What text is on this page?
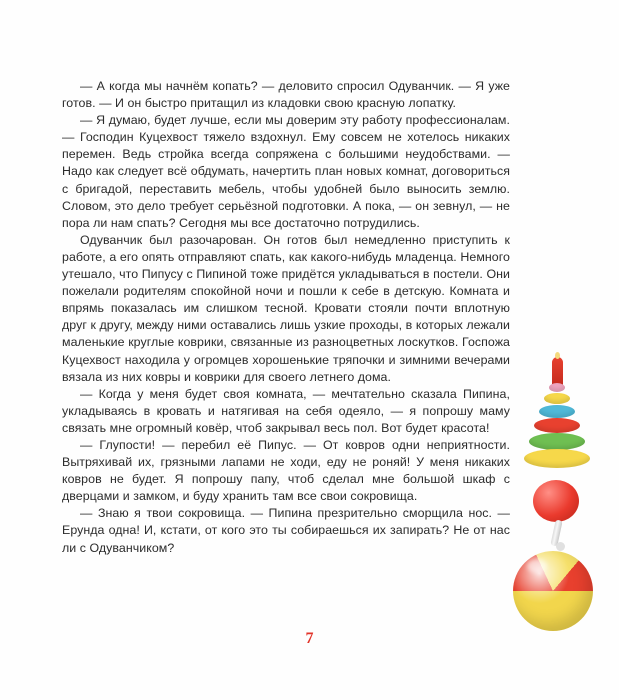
— А когда мы начнём копать? — деловито спросил Одуванчик. — Я уже готов. — И он быстро притащил из кладовки свою красную лопатку.

— Я думаю, будет лучше, если мы доверим эту работу профессионалам. — Господин Куцехвост тяжело вздохнул. Ему совсем не хотелось никаких перемен. Ведь стройка всегда сопряжена с большими неудобствами. — Надо как следует всё обдумать, начертить план новых комнат, договориться с бригадой, переставить мебель, чтобы удобней было выносить землю. Словом, это дело требует серьёзной подготовки. А пока, — он зевнул, — не пора ли нам спать? Сегодня мы все достаточно потрудились.

Одуванчик был разочарован. Он готов был немедленно приступить к работе, а его опять отправляют спать, как какого-нибудь младенца. Немного утешало, что Пипусу с Пипиной тоже придётся укладываться в постели. Они пожелали родителям спокойной ночи и пошли к себе в детскую. Комната и впрямь показалась им слишком тесной. Кровати стояли почти вплотную друг к другу, между ними оставались лишь узкие проходы, в которых лежали маленькие круглые коврики, связанные из разноцветных лоскутков. Госпожа Куцехвост находила у огромцев хорошенькие тряпочки и зимними вечерами вязала из них ковры и коврики для своего летнего дома.

— Когда у меня будет своя комната, — мечтательно сказала Пипина, укладываясь в кровать и натягивая на себя одеяло, — я попрошу маму связать мне огромный ковёр, чтоб закрывал весь пол. Вот будет красота!

— Глупости! — перебил её Пипус. — От ковров одни неприятности. Вытряхивай их, грязными лапами не ходи, еду не роняй! У меня никаких ковров не будет. Я попрошу папу, чтоб сделал мне большой шкаф с дверцами и замком, и буду хранить там все свои сокровища.

— Знаю я твои сокровища. — Пипина презрительно сморщила нос. — Ерунда одна! И, кстати, от кого это ты собираешься их запирать? Не от нас ли с Одуванчиком?

7
